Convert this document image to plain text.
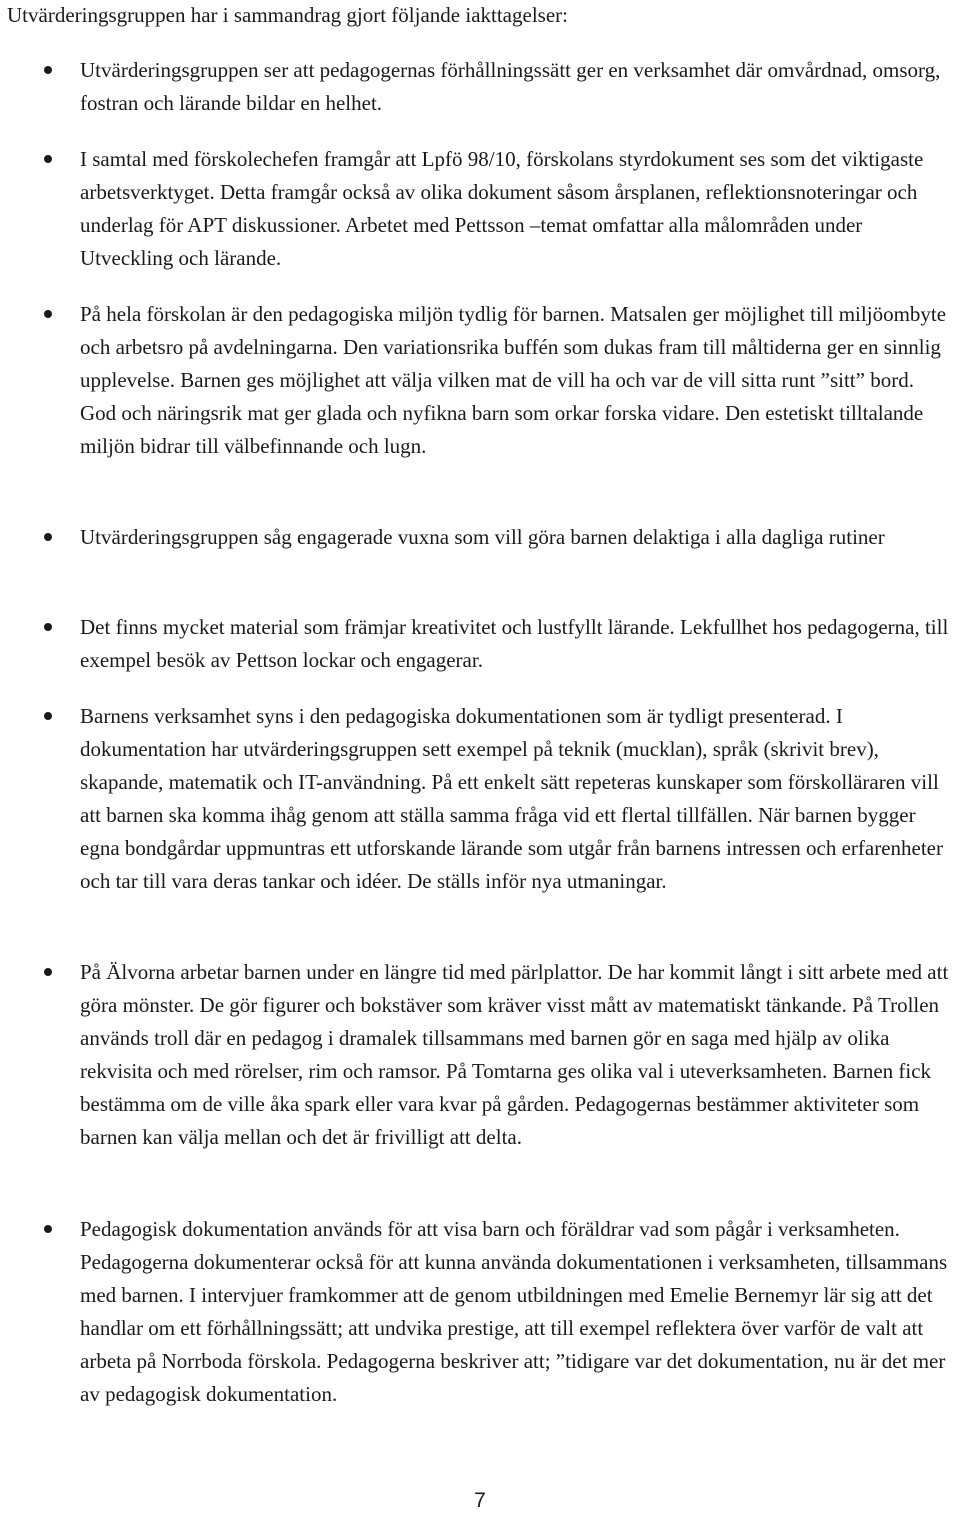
Utvärderingsgruppen har i sammandrag gjort följande iakttagelser:

Utvärderingsgruppen ser att pedagogernas förhållningssätt ger en verksamhet där omvårdnad, omsorg, fostran och lärande bildar en helhet.

I samtal med förskolechefen framgår att Lpfö 98/10, förskolans styrdokument ses som det viktigaste arbetsverktyget. Detta framgår också av olika dokument såsom årsplanen, reflektionsnoteringar och underlag för APT diskussioner. Arbetet med Pettsson –temat omfattar alla målområden under Utveckling och lärande.

På hela förskolan är den pedagogiska miljön tydlig för barnen. Matsalen ger möjlighet till miljöombyte och arbetsro på avdelningarna. Den variationsrika buffén som dukas fram till måltiderna ger en sinnlig upplevelse. Barnen ges möjlighet att välja vilken mat de vill ha och var de vill sitta runt ”sitt” bord. God och näringsrik mat ger glada och nyfikna barn som orkar forska vidare. Den estetiskt tilltalande miljön bidrar till välbefinnande och lugn.

Utvärderingsgruppen såg engagerade vuxna som vill göra barnen delaktiga i alla dagliga rutiner

Det finns mycket material som främjar kreativitet och lustfyllt lärande. Lekfullhet hos pedagogerna, till exempel besök av Pettson lockar och engagerar.

Barnens verksamhet syns i den pedagogiska dokumentationen som är tydligt presenterad. I dokumentation har utvärderingsgruppen sett exempel på teknik (mucklan), språk (skrivit brev), skapande, matematik och IT-användning. På ett enkelt sätt repeteras kunskaper som förskolläraren vill att barnen ska komma ihåg genom att ställa samma fråga vid ett flertal tillfällen. När barnen bygger egna bondgårdar uppmuntras ett utforskande lärande som utgår från barnens intressen och erfarenheter och tar till vara deras tankar och idéer. De ställs inför nya utmaningar.

På Älvorna arbetar barnen under en längre tid med pärlplattor. De har kommit långt i sitt arbete med att göra mönster. De gör figurer och bokstäver som kräver visst mått av matematiskt tänkande. På Trollen används troll där en pedagog i dramalek tillsammans med barnen gör en saga med hjälp av olika rekvisita och med rörelser, rim och ramsor. På Tomtarna ges olika val i uteverksamheten. Barnen fick bestämma om de ville åka spark eller vara kvar på gården. Pedagogernas bestämmer aktiviteter som barnen kan välja mellan och det är frivilligt att delta.

Pedagogisk dokumentation används för att visa barn och föräldrar vad som pågår i verksamheten. Pedagogerna dokumenterar också för att kunna använda dokumentationen i verksamheten, tillsammans med barnen. I intervjuer framkommer att de genom utbildningen med Emelie Bernemyr lär sig att det handlar om ett förhållningssätt; att undvika prestige, att till exempel reflektera över varför de valt att arbeta på Norrboda förskola. Pedagogerna beskriver att; ”tidigare var det dokumentation, nu är det mer av pedagogisk dokumentation.

7
